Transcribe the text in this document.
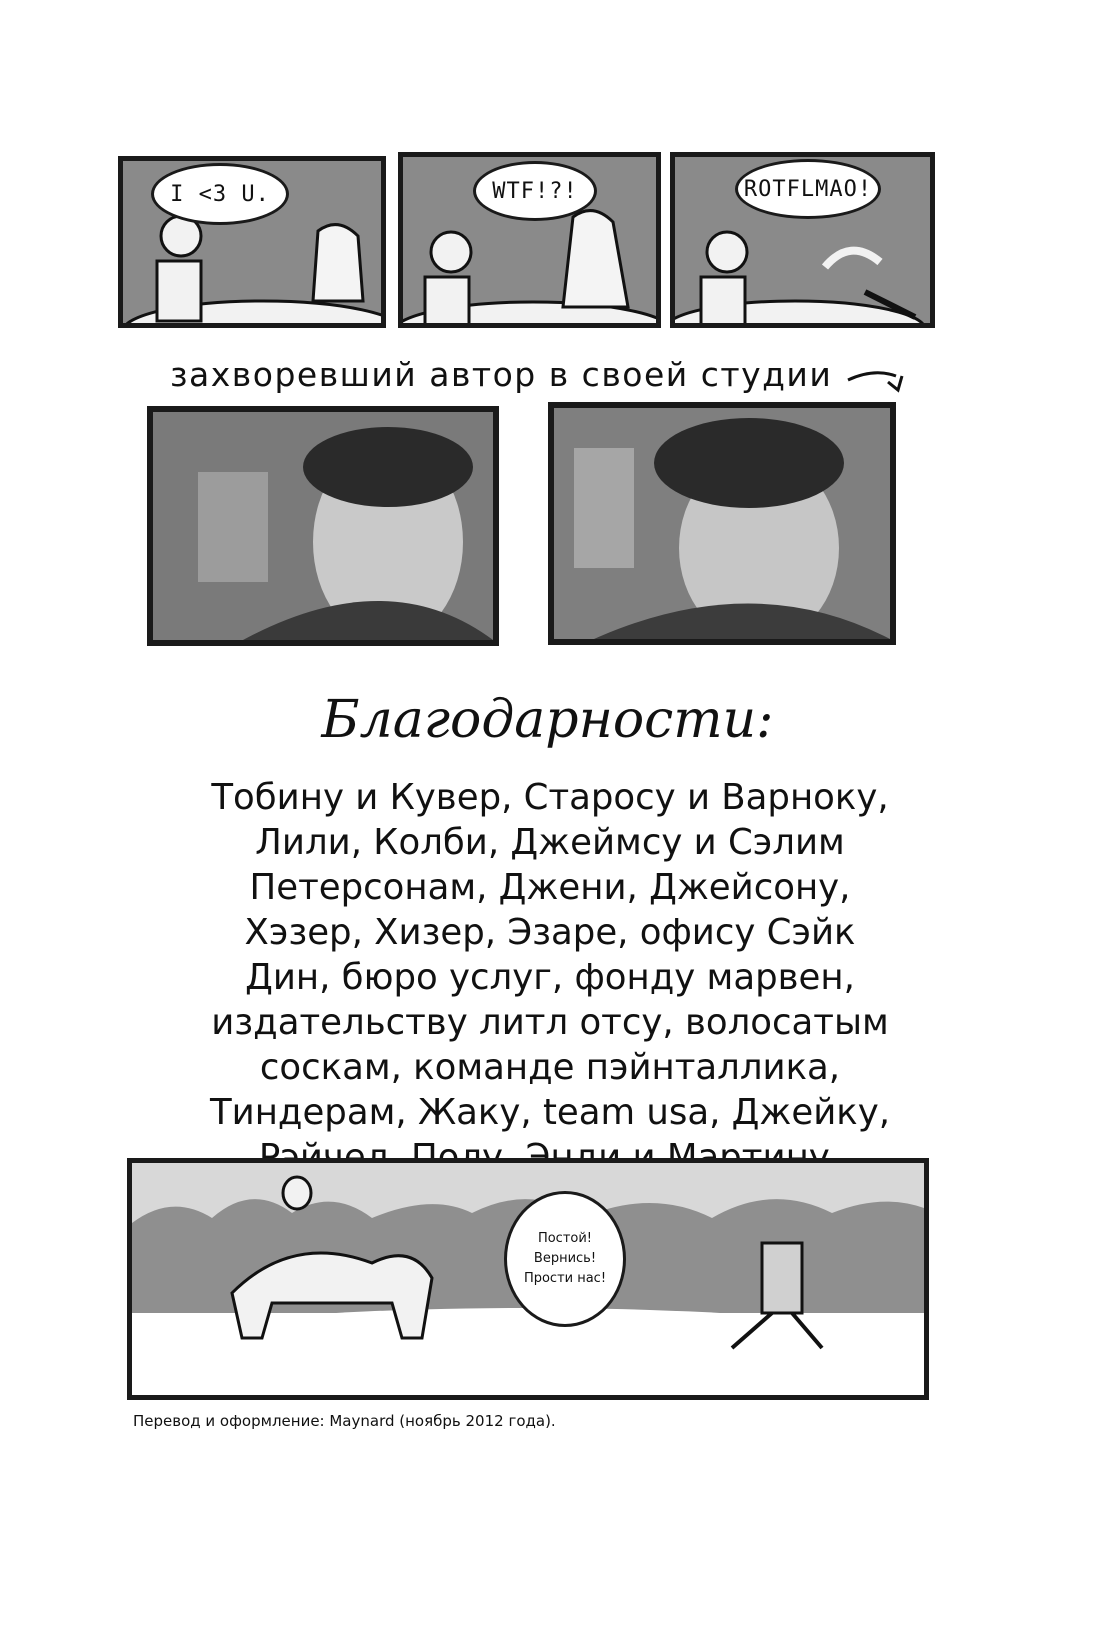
I <3 U.	WTF!?!	ROTFLMAO!
захворевший автор в своей студии
Благодарности:
Тобину и Кувер, Старосу и Варноку,
Лили, Колби, Джеймсу и Сэлим
Петерсонам, Джени, Джейсону,
Хэзер, Хизер, Эзаре, офису Сэйк
Дин, бюро услуг, фонду марвен,
издательству литл отсу, волосатым
соскам, команде пэйнталлика,
Тиндерам, Жаку, team usa, Джейку,
Постой!
Вернись!
Прости нас!
Перевод и оформление: Maynard (ноябрь 2012 года).
